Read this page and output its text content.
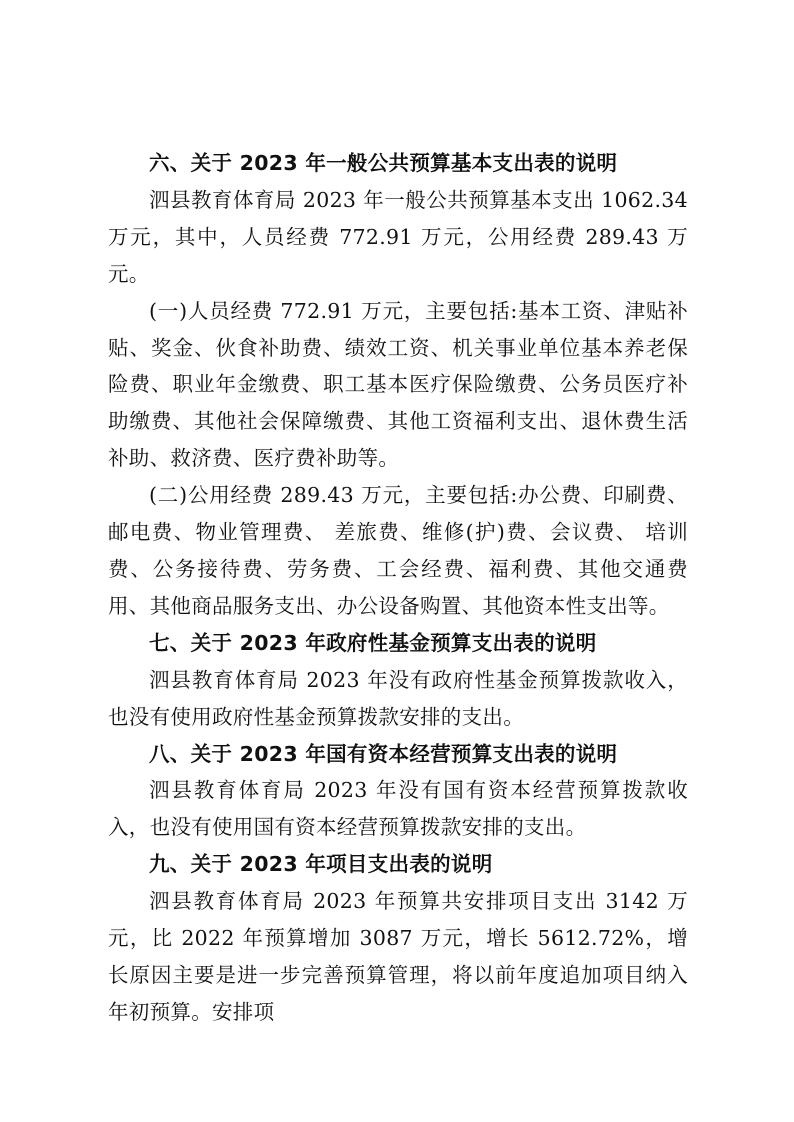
六、关于 2023 年一般公共预算基本支出表的说明

泗县教育体育局 2023 年一般公共预算基本支出 1062.34 万元，其中，人员经费 772.91 万元，公用经费 289.43 万元。

(一)人员经费 772.91 万元，主要包括:基本工资、津贴补贴、奖金、伙食补助费、绩效工资、机关事业单位基本养老保险费、职业年金缴费、职工基本医疗保险缴费、公务员医疗补助缴费、其他社会保障缴费、其他工资福利支出、退休费生活补助、救济费、医疗费补助等。

(二)公用经费 289.43 万元，主要包括:办公费、印刷费、邮电费、物业管理费、 差旅费、维修(护)费、会议费、 培训费、公务接待费、劳务费、工会经费、福利费、其他交通费用、其他商品服务支出、办公设备购置、其他资本性支出等。

七、关于 2023 年政府性基金预算支出表的说明

泗县教育体育局 2023 年没有政府性基金预算拨款收入，也没有使用政府性基金预算拨款安排的支出。

八、关于 2023 年国有资本经营预算支出表的说明

泗县教育体育局 2023 年没有国有资本经营预算拨款收入，也没有使用国有资本经营预算拨款安排的支出。

九、关于 2023 年项目支出表的说明

泗县教育体育局 2023 年预算共安排项目支出 3142 万元，比 2022 年预算增加 3087 万元，增长 5612.72%，增长原因主要是进一步完善预算管理，将以前年度追加项目纳入年初预算。安排项
